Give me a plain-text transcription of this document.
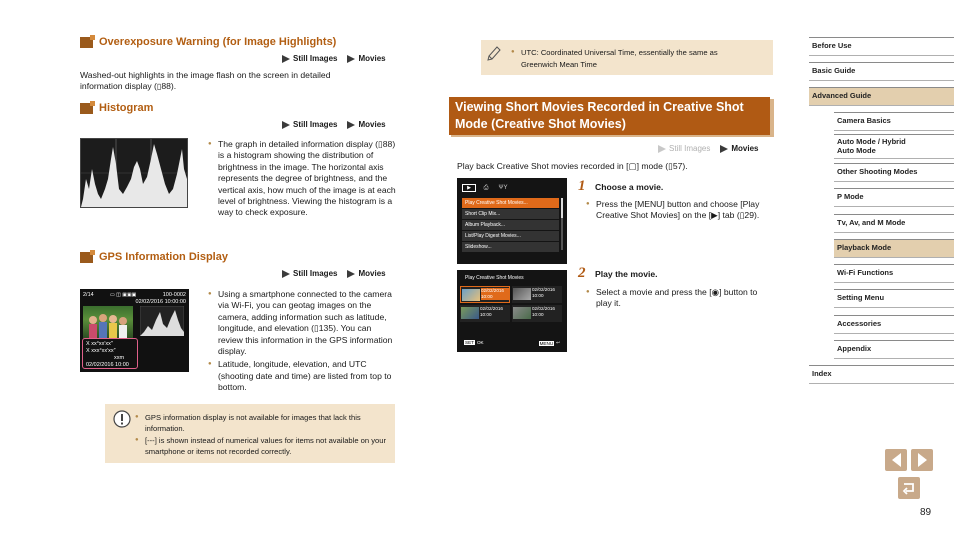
Overexposure Warning (for Image Highlights)
Still Images	Movies
Washed-out highlights in the image flash on the screen in detailed information display (▯88).
Histogram
Still Images	Movies
● The graph in detailed information display (▯88) is a histogram showing the distribution of brightness in the image. The horizontal axis represents the degree of brightness, and the vertical axis, how much of the image is at each level of brightness. Viewing the histogram is a way to check exposure.
GPS Information Display
Still Images	Movies
2/14	▭ ◫ ▣▣▣	100-0002
02/02/2016 10:00:00
X xx°xx′xx″
X xxx°xx′xx″
xxm
02/02/2016 10:00
● Using a smartphone connected to the camera via Wi-Fi, you can geotag images on the camera, adding information such as latitude, longitude, and elevation (▯135). You can review this information in the GPS information display.
● Latitude, longitude, elevation, and UTC (shooting date and time) are listed from top to bottom.
● GPS information display is not available for images that lack this information.
● [---] is shown instead of numerical values for items not available on your smartphone or items not recorded correctly.
● UTC: Coordinated Universal Time, essentially the same as Greenwich Mean Time
Viewing Short Movies Recorded in Creative Shot Mode (Creative Shot Movies)
Still Images	Movies
Play back Creative Shot movies recorded in [▢] mode (▯57).
▶	⎙	ΨΥ
Play Creative Shot Movies...
Short Clip Mix...
Album Playback...
List/Play Digest Movies...
Slideshow...
1 Choose a movie.
● Press the [MENU] button and choose [Play Creative Shot Movies] on the [▶] tab (▯29).
Play Creative Shot Movies
02/02/2016 10:00
02/02/2016 10:00
02/02/2016 10:00
02/02/2016 10:00
SET OK	MENU ↩
2 Play the movie.
● Select a movie and press the [◉] button to play it.
Before Use
Basic Guide
Advanced Guide
Camera Basics
Auto Mode / Hybrid Auto Mode
Other Shooting Modes
P Mode
Tv, Av, and M Mode
Playback Mode
Wi-Fi Functions
Setting Menu
Accessories
Appendix
Index
89
